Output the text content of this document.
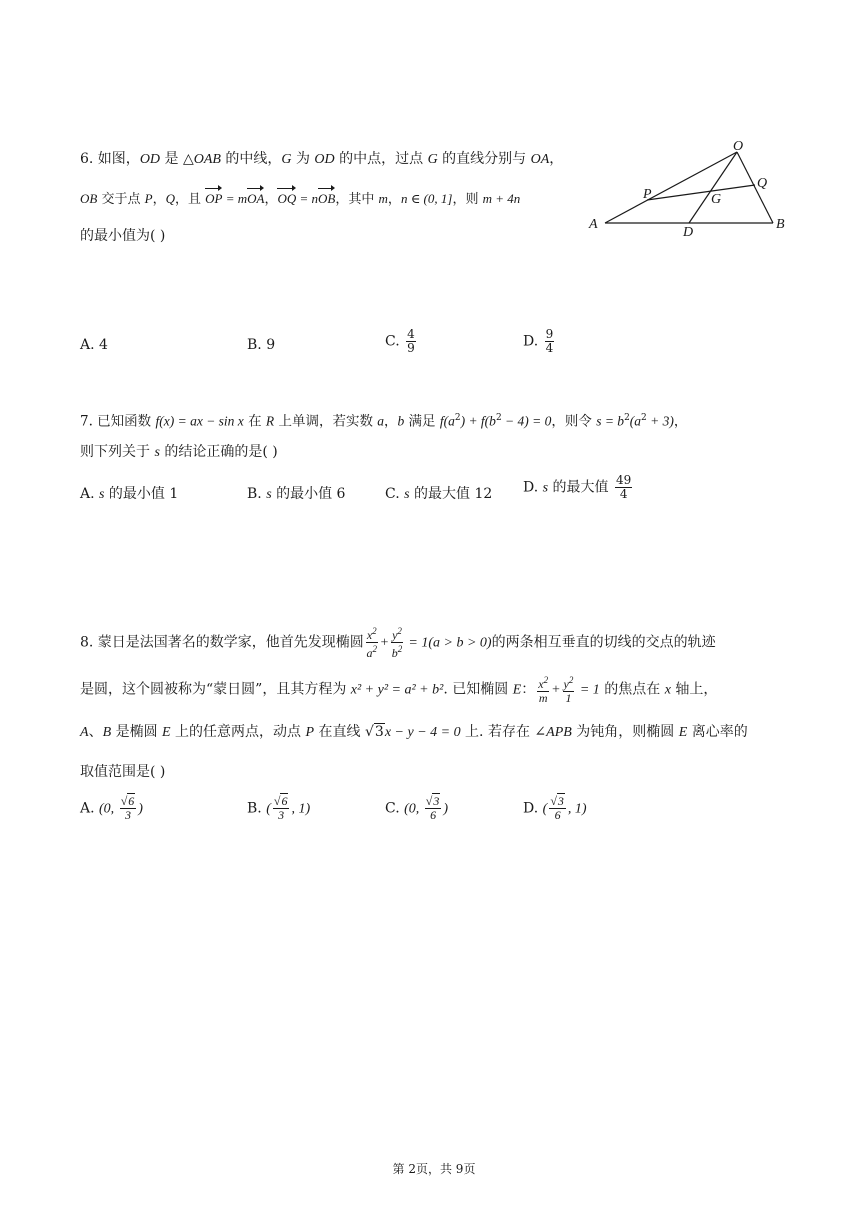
6. 如图，OD 是 △OAB 的中线，G 为 OD 的中点，过点 G 的直线分别与 OA，
OB 交于点 P，Q，且 OP = mOA，OQ = nOB，其中 m，n ∈ (0, 1]，则 m + 4n
的最小值为( )
O
Q
P	G
A
D
B
A. 4	B. 9	C. $\frac{4}{9}$	D. $\frac{9}{4}$
7. 已知函数 f(x) = ax − sin x 在 R 上单调，若实数 a，b 满足 $f(a^2) + f(b^2 - 4) = 0$，则令 $s = b^2(a^2 + 3)$，
则下列关于 s 的结论正确的是( )
A. s 的最小值 1	B. s 的最小值 6	C. s 的最大值 12 D. s 的最大值 $\frac{49}{4}$
8. 蒙日是法国著名的数学家，他首先发现椭圆 $\frac{x^2}{a^2} + \frac{y^2}{b^2} = 1(a > b > 0)$的两条相互垂直的切线的交点的轨迹
是圆，这个圆被称为“蒙日圆”，且其方程为 x² + y² = a² + b². 已知椭圆 E： $\frac{x^2}{m} + \frac{y^2}{1} = 1$ 的焦点在 x 轴上，
A、B 是椭圆 E 上的任意两点，动点 P 在直线 √3x − y − 4 = 0 上. 若存在 ∠APB 为钝角，则椭圆 E 离心率的
取值范围是( )
A. (0, $\frac{√6}{3}$ )	B. ( $\frac{√6}{3}$ , 1)	C. (0, $\frac{√3}{6}$ )	D. ( $\frac{√3}{6}$ , 1)
第 2页，共 9页
